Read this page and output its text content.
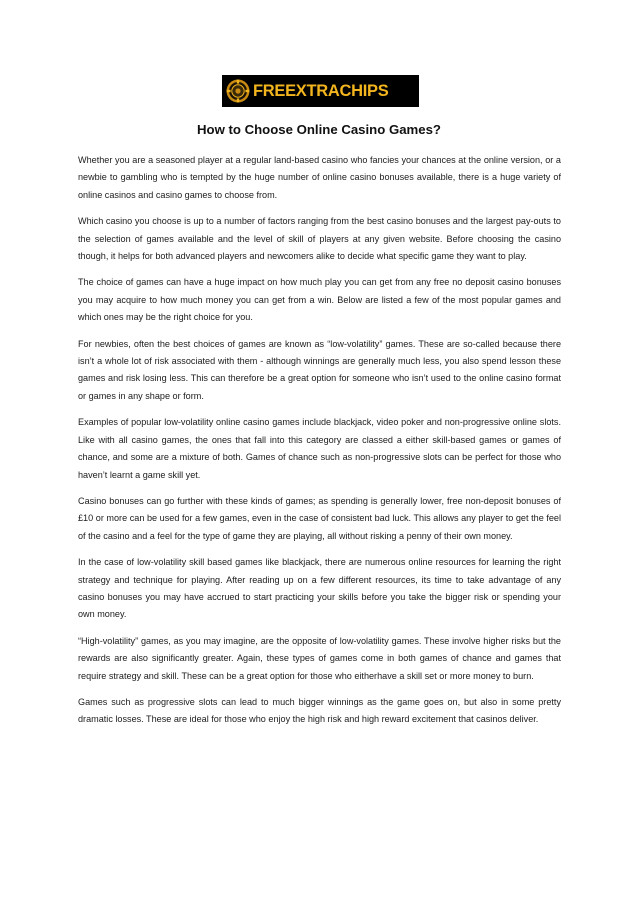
FREEXTRACHIPS
How to Choose Online Casino Games?

Whether you are a seasoned player at a regular land-based casino who fancies your chances at the online version, or a newbie to gambling who is tempted by the huge number of online casino bonuses available, there is a huge variety of online casinos and casino games to choose from.

Which casino you choose is up to a number of factors ranging from the best casino bonuses and the largest pay-outs to the selection of games available and the level of skill of players at any given website. Before choosing the casino though, it helps for both advanced players and newcomers alike to decide what specific game they want to play.

The choice of games can have a huge impact on how much play you can get from any free no deposit casino bonuses you may acquire to how much money you can get from a win. Below are listed a few of the most popular games and which ones may be the right choice for you.

For newbies, often the best choices of games are known as “low-volatility” games. These are so-called because there isn’t a whole lot of risk associated with them - although winnings are generally much less, you also spend lesson these games and risk losing less. This can therefore be a great option for someone who isn’t used to the online casino format or games in any shape or form.

Examples of popular low-volatility online casino games include blackjack, video poker and non-progressive online slots. Like with all casino games, the ones that fall into this category are classed a either skill-based games or games of chance, and some are a mixture of both. Games of chance such as non-progressive slots can be perfect for those who haven’t learnt a game skill yet.

Casino bonuses can go further with these kinds of games; as spending is generally lower, free non-deposit bonuses of £10 or more can be used for a few games, even in the case of consistent bad luck. This allows any player to get the feel of the casino and a feel for the type of game they are playing, all without risking a penny of their own money.

In the case of low-volatility skill based games like blackjack, there are numerous online resources for learning the right strategy and technique for playing. After reading up on a few different resources, its time to take advantage of any casino bonuses you may have accrued to start practicing your skills before you take the bigger risk or spending your own money.

“High-volatility” games, as you may imagine, are the opposite of low-volatility games. These involve higher risks but the rewards are also significantly greater. Again, these types of games come in both games of chance and games that require strategy and skill. These can be a great option for those who eitherhave a skill set or more money to burn.

Games such as progressive slots can lead to much bigger winnings as the game goes on, but also in some pretty dramatic losses. These are ideal for those who enjoy the high risk and high reward excitement that casinos deliver.
